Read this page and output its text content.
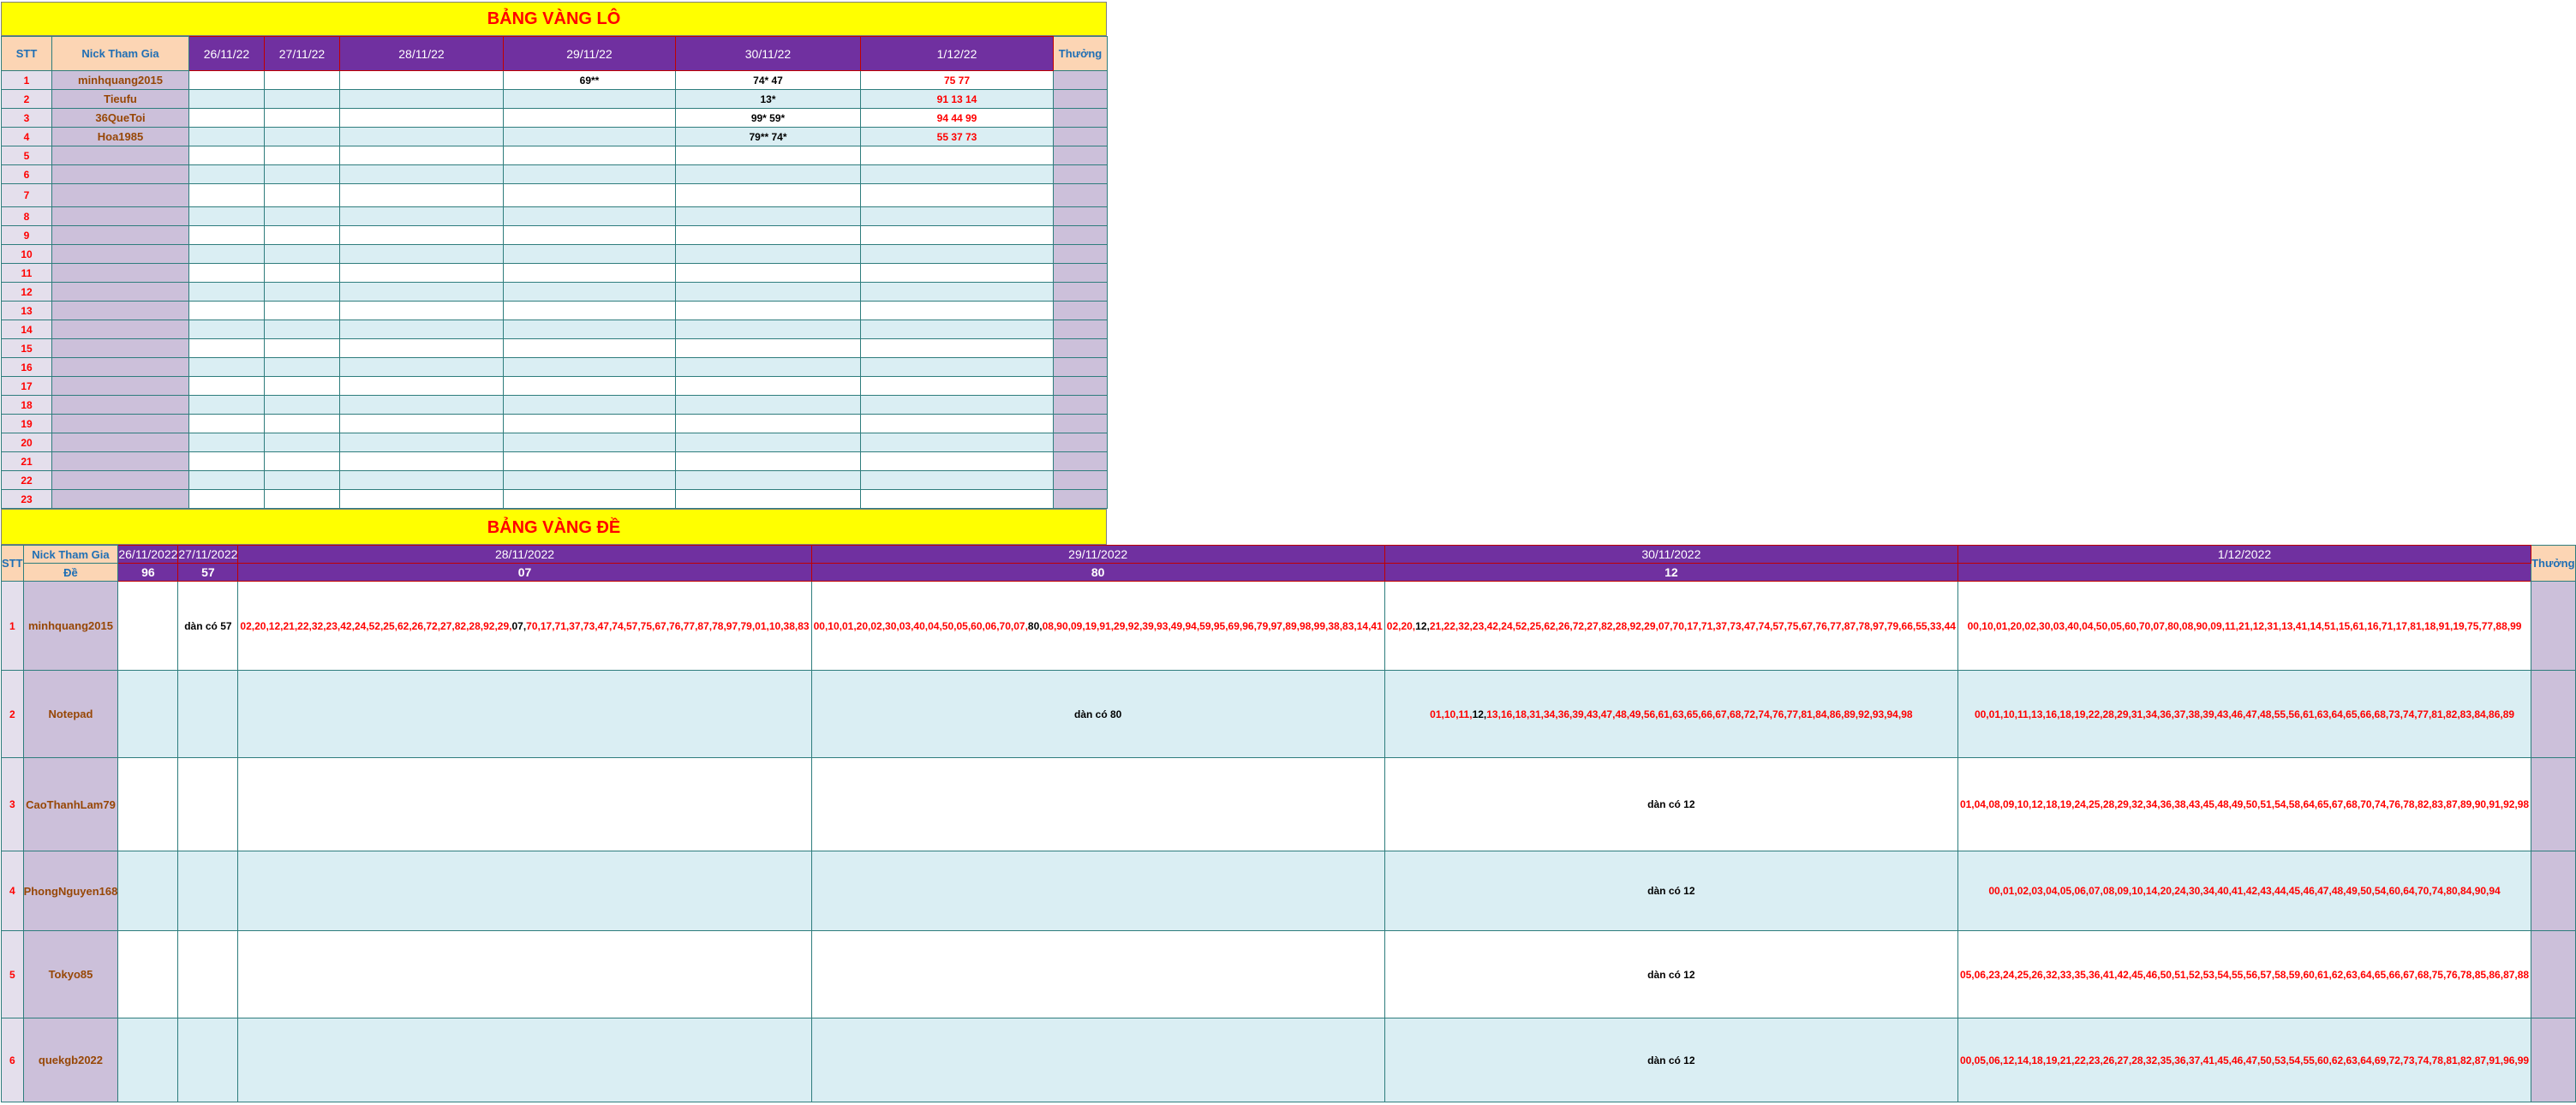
BẢNG VÀNG LÔ
STT	Nick Tham Gia	26/11/22	27/11/22	28/11/22	29/11/22	30/11/22	1/12/22	Thưởng
1	minhquang2015				69**	74* 47	75 77	
2	Tieufu					13*	91 13 14	
3	36QueToi					99* 59*	94 44 99	
4	Hoa1985					79** 74*	55 37 73	
5								
6								
7								
8								
9								
10								
11								
12								
13								
14								
15								
16								
17								
18								
19								
20								
21								
22								
23								
BẢNG VÀNG ĐỀ
STT	Nick Tham Gia	26/11/2022	27/11/2022	28/11/2022	29/11/2022	30/11/2022	1/12/2022	Thưởng
	Đề	96	57	07	80	12		
1	minhquang2015		dàn có 57	02,20,12,21,22,32,23,42,24,52,25,62,26,72,27,82,28,92,29,07,70,17,71,37,73,47,74,57,75,67,76,77,87,78,97,79,01,10,38,83	00,10,01,20,02,30,03,40,04,50,05,60,06,70,07,80,08,90,09,19,91,29,92,39,93,49,94,59,95,69,96,79,97,89,98,99,38,83,14,41	02,20,12,21,22,32,23,42,24,52,25,62,26,72,27,82,28,92,29,07,70,17,71,37,73,47,74,57,75,67,76,77,87,78,97,79,66,55,33,44	00,10,01,20,02,30,03,40,04,50,05,60,70,07,80,08,90,09,11,21,12,31,13,41,14,51,15,61,16,71,17,81,18,91,19,75,77,88,99	
2	Notepad				dàn có 80	01,10,11,12,13,16,18,31,34,36,39,43,47,48,49,56,61,63,65,66,67,68,72,74,76,77,81,84,86,89,92,93,94,98	00,01,10,11,13,16,18,19,22,28,29,31,34,36,37,38,39,43,46,47,48,55,56,61,63,64,65,66,68,73,74,77,81,82,83,84,86,89	
3	CaoThanhLam79					dàn có 12	01,04,08,09,10,12,18,19,24,25,28,29,32,34,36,38,43,45,48,49,50,51,54,58,64,65,67,68,70,74,76,78,82,83,87,89,90,91,92,98	
4	PhongNguyen168					dàn có 12	00,01,02,03,04,05,06,07,08,09,10,14,20,24,30,34,40,41,42,43,44,45,46,47,48,49,50,54,60,64,70,74,80,84,90,94	
5	Tokyo85					dàn có 12	05,06,23,24,25,26,32,33,35,36,41,42,45,46,50,51,52,53,54,55,56,57,58,59,60,61,62,63,64,65,66,67,68,75,76,78,85,86,87,88	
6	quekgb2022					dàn có 12	00,05,06,12,14,18,19,21,22,23,26,27,28,32,35,36,37,41,45,46,47,50,53,54,55,60,62,63,64,69,72,73,74,78,81,82,87,91,96,99	
